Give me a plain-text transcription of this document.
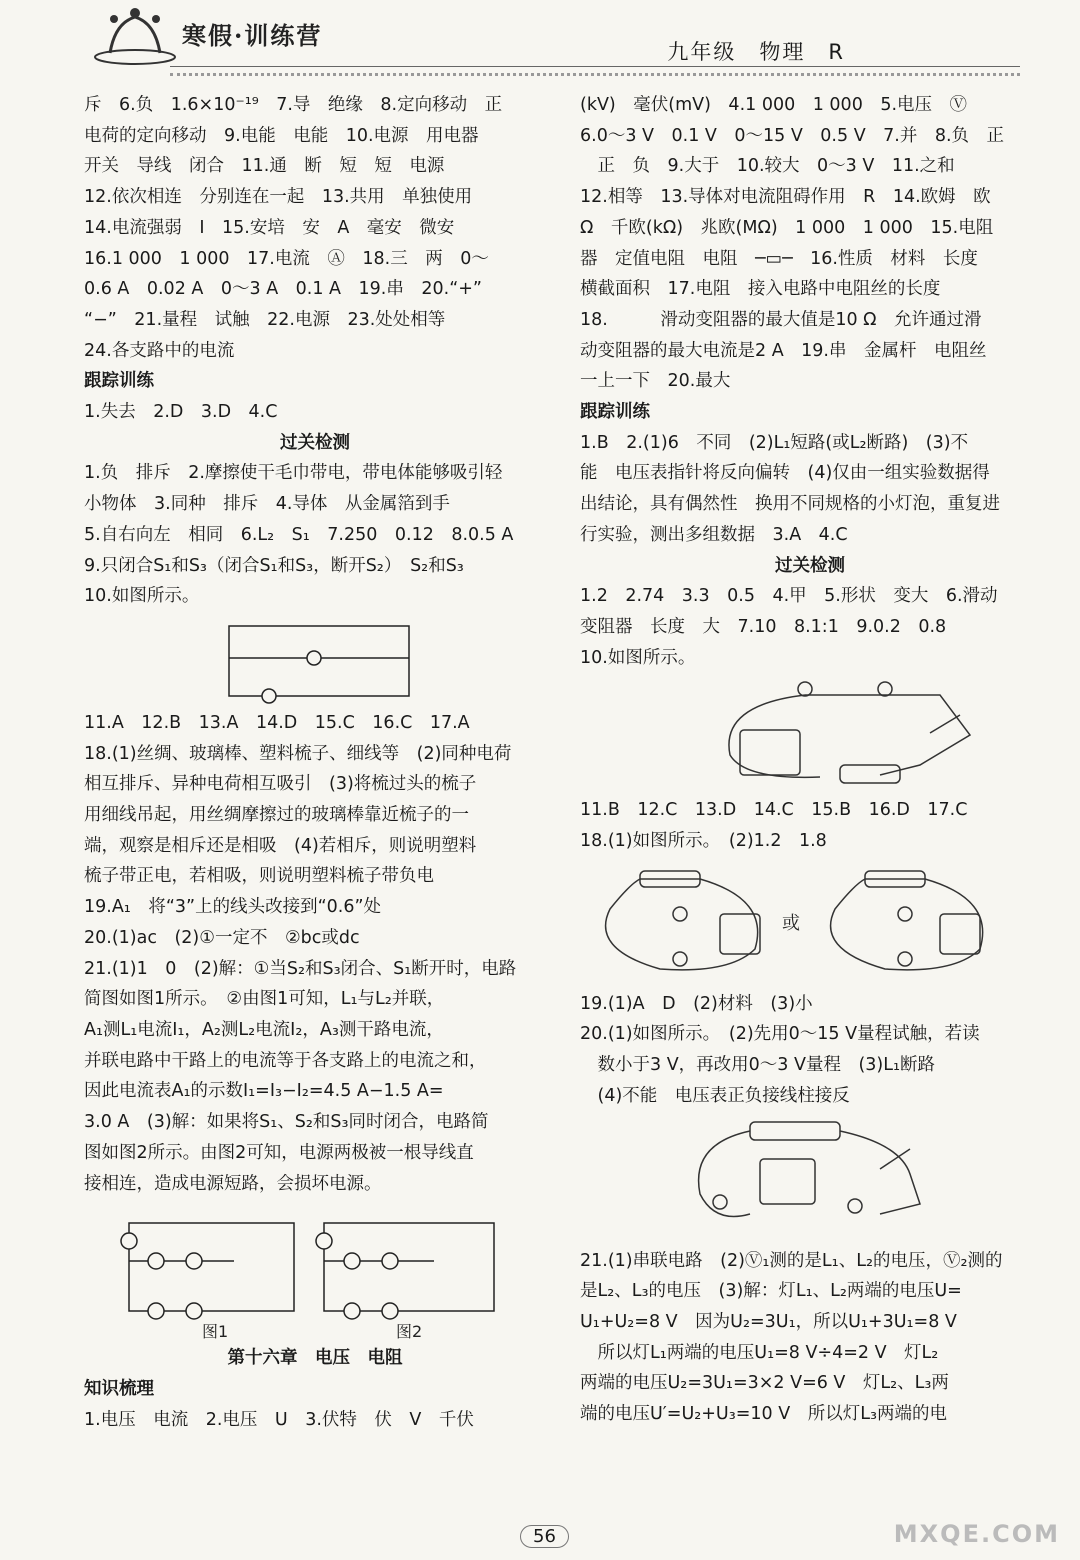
寒假·训练营
九年级　物理　R
斥　6.负　1.6×10⁻¹⁹　7.导　绝缘　8.定向移动　正
电荷的定向移动　9.电能　电能　10.电源　用电器
开关　导线　闭合　11.通　断　短　短　电源
12.依次相连　分别连在一起　13.共用　单独使用
14.电流强弱　I　15.安培　安　A　毫安　微安
16.1 000　1 000　17.电流　Ⓐ　18.三　两　0～
0.6 A　0.02 A　0～3 A　0.1 A　19.串　20.“+”
“−”　21.量程　试触　22.电源　23.处处相等
24.各支路中的电流
跟踪训练
1.失去　2.D　3.D　4.C
过关检测
1.负　排斥　2.摩擦使干毛巾带电，带电体能够吸引轻
小物体　3.同种　排斥　4.导体　从金属箔到手
5.自右向左　相同　6.L₂　S₁　7.250　0.12　8.0.5 A
9.只闭合S₁和S₃（闭合S₁和S₃，断开S₂）　S₂和S₃
10.如图所示。
11.A　12.B　13.A　14.D　15.C　16.C　17.A
18.(1)丝绸、玻璃棒、塑料梳子、细线等　(2)同种电荷
相互排斥、异种电荷相互吸引　(3)将梳过头的梳子
用细线吊起，用丝绸摩擦过的玻璃棒靠近梳子的一
端，观察是相斥还是相吸　(4)若相斥，则说明塑料
梳子带正电，若相吸，则说明塑料梳子带负电
19.A₁　将“3”上的线头改接到“0.6”处
20.(1)ac　(2)①一定不　②bc或dc
21.(1)1　0　(2)解：①当S₂和S₃闭合、S₁断开时，电路
简图如图1所示。　②由图1可知，L₁与L₂并联，
A₁测L₁电流I₁，A₂测L₂电流I₂，A₃测干路电流，
并联电路中干路上的电流等于各支路上的电流之和，
因此电流表A₁的示数I₁=I₃−I₂=4.5 A−1.5 A=
3.0 A　(3)解：如果将S₁、S₂和S₃同时闭合，电路简
图如图2所示。由图2可知，电源两极被一根导线直
接相连，造成电源短路，会损坏电源。
图1	图2
第十六章　电压　电阻
知识梳理
1.电压　电流　2.电压　U　3.伏特　伏　V　千伏
(kV)　毫伏(mV)　4.1 000　1 000　5.电压　Ⓥ
6.0～3 V　0.1 V　0～15 V　0.5 V　7.并　8.负　正
　正　负　9.大于　10.较大　0～3 V　11.之和
12.相等　13.导体对电流阻碍作用　R　14.欧姆　欧
Ω　千欧(kΩ)　兆欧(MΩ)　1 000　1 000　15.电阻
器　定值电阻　电阻　─▭─　16.性质　材料　长度
横截面积　17.电阻　接入电路中电阻丝的长度
18.　　　滑动变阻器的最大值是10 Ω　允许通过滑
动变阻器的最大电流是2 A　19.串　金属杆　电阻丝
一上一下　20.最大
跟踪训练
1.B　2.(1)6　不同　(2)L₁短路(或L₂断路)　(3)不
能　电压表指针将反向偏转　(4)仅由一组实验数据得
出结论，具有偶然性　换用不同规格的小灯泡，重复进
行实验，测出多组数据　3.A　4.C
过关检测
1.2　2.74　3.3　0.5　4.甲　5.形状　变大　6.滑动
变阻器　长度　大　7.10　8.1:1　9.0.2　0.8
10.如图所示。
11.B　12.C　13.D　14.C　15.B　16.D　17.C
18.(1)如图所示。　(2)1.2　1.8
或
19.(1)A　D　(2)材料　(3)小
20.(1)如图所示。　(2)先用0～15 V量程试触，若读
　数小于3 V，再改用0～3 V量程　(3)L₁断路
　(4)不能　电压表正负接线柱接反
21.(1)串联电路　(2)Ⓥ₁测的是L₁、L₂的电压，Ⓥ₂测的
是L₂、L₃的电压　(3)解：灯L₁、L₂两端的电压U=
U₁+U₂=8 V　因为U₂=3U₁，所以U₁+3U₁=8 V
　所以灯L₁两端的电压U₁=8 V÷4=2 V　灯L₂
两端的电压U₂=3U₁=3×2 V=6 V　灯L₂、L₃两
端的电压U′=U₂+U₃=10 V　所以灯L₃两端的电
56	MXQE.COM
